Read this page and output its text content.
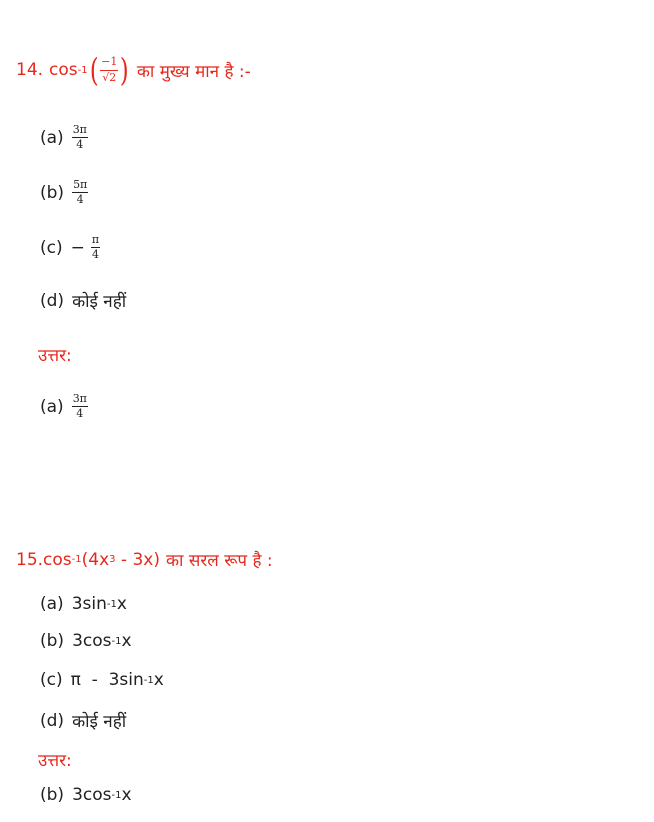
14. cos -1 ( $\frac{-1}{√2}$ ) का मुख्य मान है :-
$(a) \frac{3\pi}{4}$
$(b) \frac{5\pi}{4}$
$(c) - \frac{\pi}{4}$
(d) कोई नहीं
उत्तर:
$(a) \frac{3\pi}{4}$
15. cos -1 (4x 3 - 3x) का सरल रूप है :
(a) 3sin -1 x
(b) 3cos -1 x
(c) π  -  3sin -1 x
(d) कोई नहीं
उत्तर:
(b) 3cos -1 x
